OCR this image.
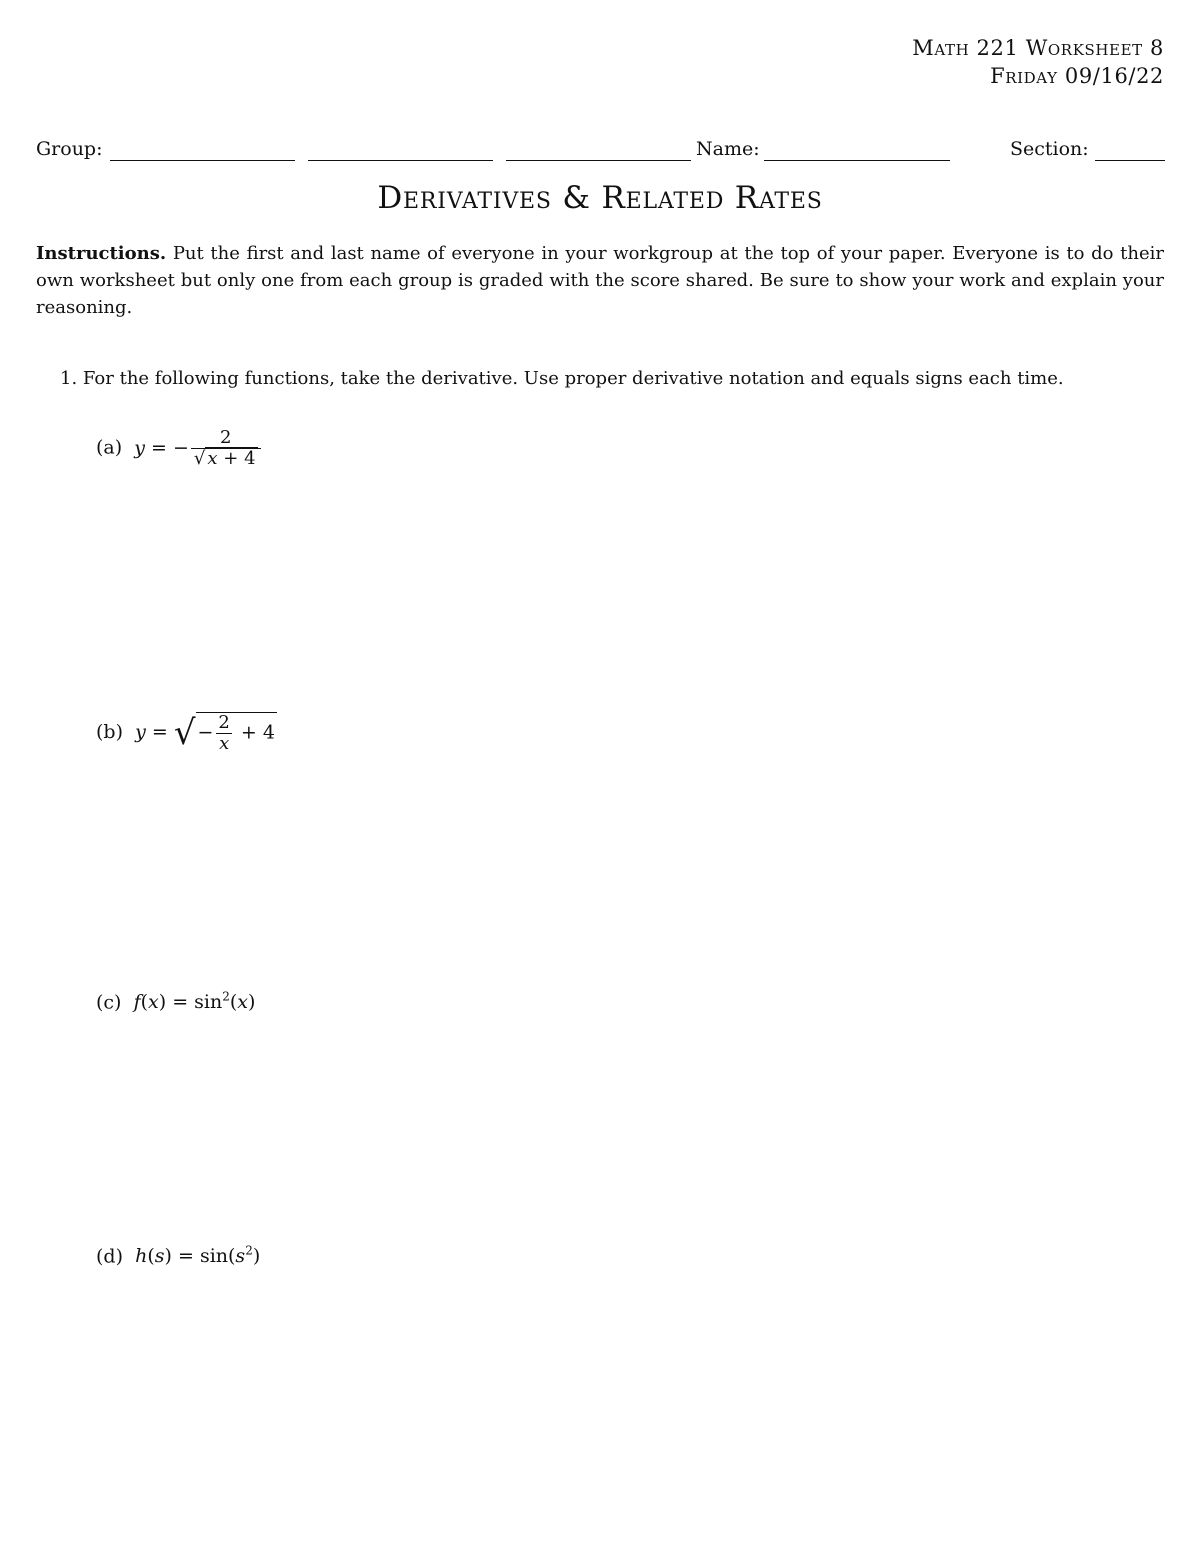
Math 221 Worksheet 8
Friday 09/16/22
Group:	Name:	Section:
Derivatives & Related Rates
Instructions. Put the first and last name of everyone in your workgroup at the top of your paper. Everyone is to do their own worksheet but only one from each group is graded with the score shared. Be sure to show your work and explain your reasoning.
1. For the following functions, take the derivative. Use proper derivative notation and equals signs each time.
(a) y = − $\frac{2}{√ x + 4}$
(b) y = √ − $\frac{2}{x} + 4$
(c) $f(x) = \sin^2(x)$
(d) $h(s) = \sin(s^2)$
